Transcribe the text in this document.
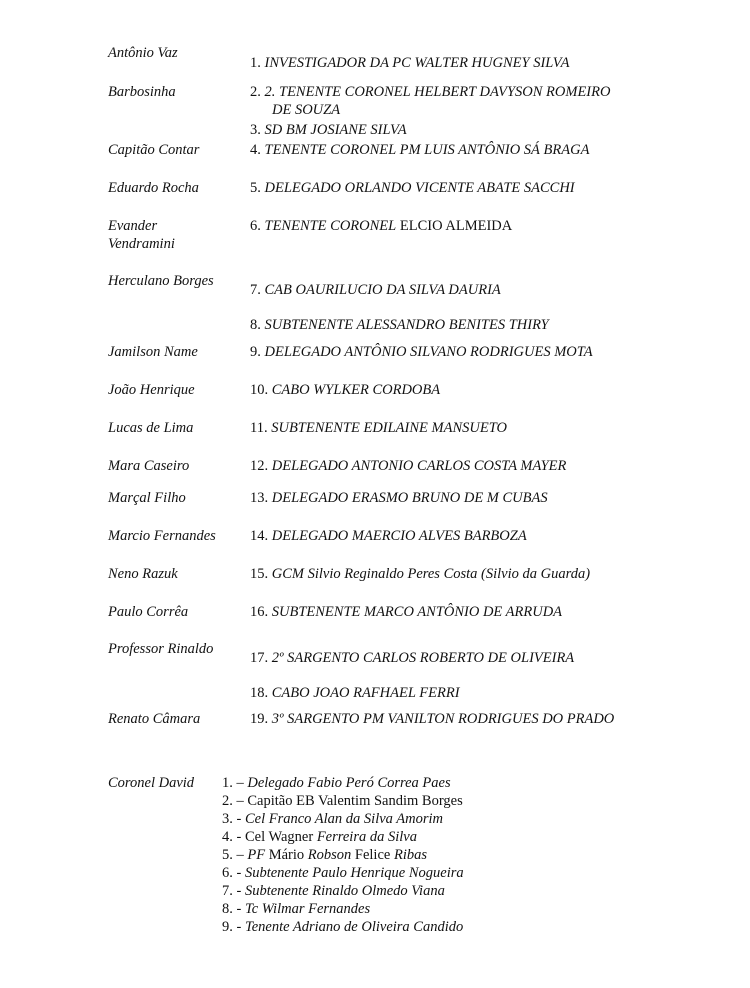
Antônio Vaz
Barbosinha
Capitão Contar
Eduardo Rocha
Evander
Vendramini
Herculano Borges
Jamilson Name
João Henrique
Lucas de Lima
Mara Caseiro
Marçal Filho
Marcio Fernandes
Neno Razuk
Paulo Corrêa
Professor Rinaldo
Renato Câmara
1. INVESTIGADOR DA PC WALTER HUGNEY SILVA
2. 2. TENENTE CORONEL HELBERT DAVYSON ROMEIRO
DE SOUZA
3. SD BM JOSIANE SILVA
4. TENENTE CORONEL PM LUIS ANTÔNIO SÁ BRAGA
5. DELEGADO ORLANDO VICENTE ABATE SACCHI
6. TENENTE CORONEL ELCIO ALMEIDA
7. CAB OAURILUCIO DA SILVA DAURIA
8. SUBTENENTE ALESSANDRO BENITES THIRY
9. DELEGADO ANTÔNIO SILVANO RODRIGUES MOTA
10. CABO WYLKER CORDOBA
11. SUBTENENTE EDILAINE MANSUETO
12. DELEGADO ANTONIO CARLOS COSTA MAYER
13. DELEGADO ERASMO BRUNO DE M CUBAS
14. DELEGADO MAERCIO ALVES BARBOZA
15. GCM Silvio Reginaldo Peres Costa (Silvio da Guarda)
16. SUBTENENTE MARCO ANTÔNIO DE ARRUDA
17. 2º SARGENTO CARLOS ROBERTO DE OLIVEIRA
18. CABO JOAO RAFHAEL FERRI
19. 3º SARGENTO PM VANILTON RODRIGUES DO PRADO
Coronel David 1. – Delegado Fabio Peró Correa Paes
2. – Capitão EB Valentim Sandim Borges
3. - Cel Franco Alan da Silva Amorim
4. - Cel Wagner Ferreira da Silva
5. – PF Mário Robson Felice Ribas
6. - Subtenente Paulo Henrique Nogueira
7. - Subtenente Rinaldo Olmedo Viana
8. - Tc Wilmar Fernandes
9. - Tenente Adriano de Oliveira Candido
